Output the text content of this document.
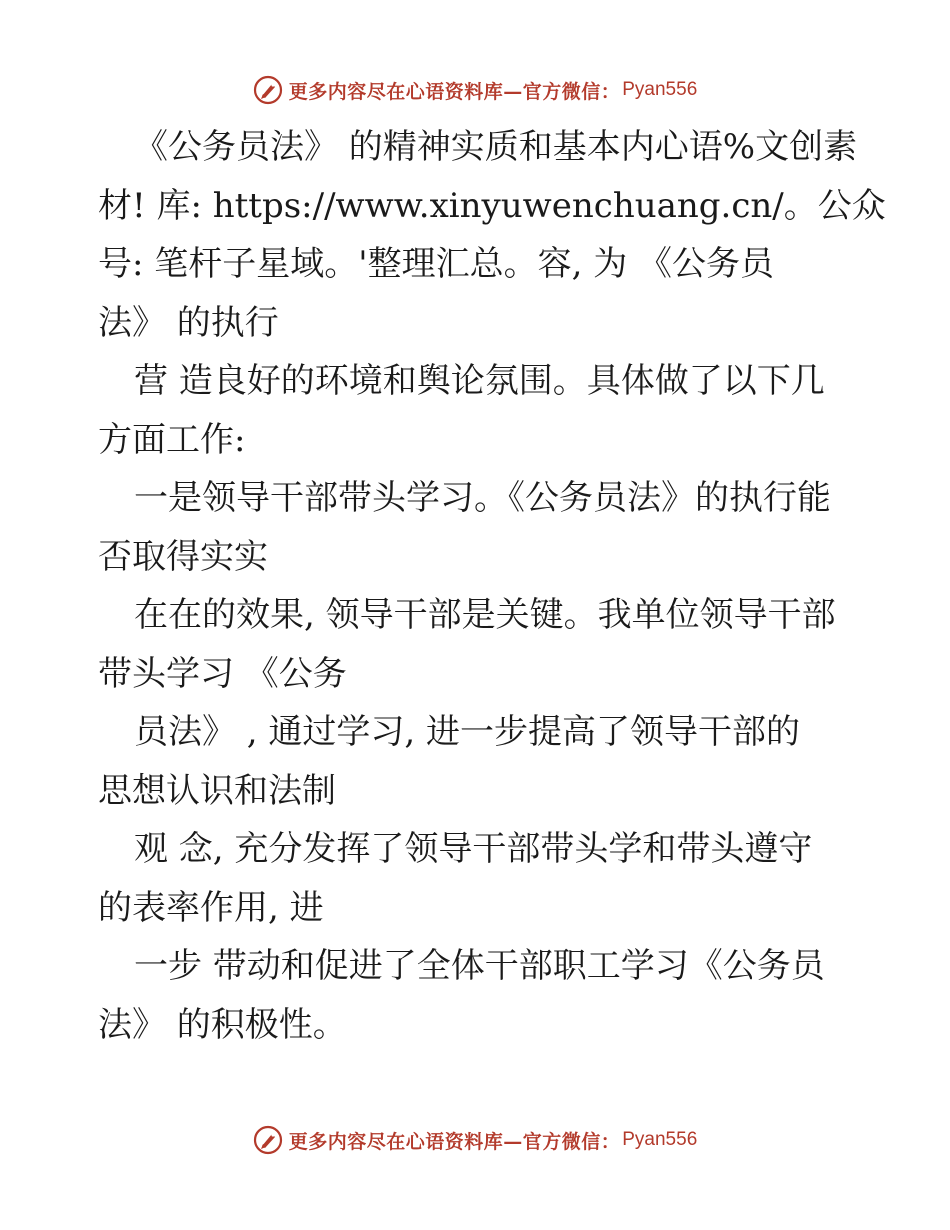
更多内容尽在心语资料库—官方微信： Pyan556
《公务员法》 的精神实质和基本内心语%文创素
材! 库: https://www.xinyuwenchuang.cn/。公众
号: 笔杆子星域。'整理汇总。容, 为 《公务员
法》 的执行
营 造良好的环境和舆论氛围。具体做了以下几
方面工作:
一是领导干部带头学习。《公务员法》的执行能
否取得实实
在在的效果, 领导干部是关键。我单位领导干部
带头学习 《公务
员法》 , 通过学习, 进一步提高了领导干部的
思想认识和法制
观 念, 充分发挥了领导干部带头学和带头遵守
的表率作用, 进
一步 带动和促进了全体干部职工学习《公务员
法》 的积极性。
更多内容尽在心语资料库—官方微信： Pyan556
